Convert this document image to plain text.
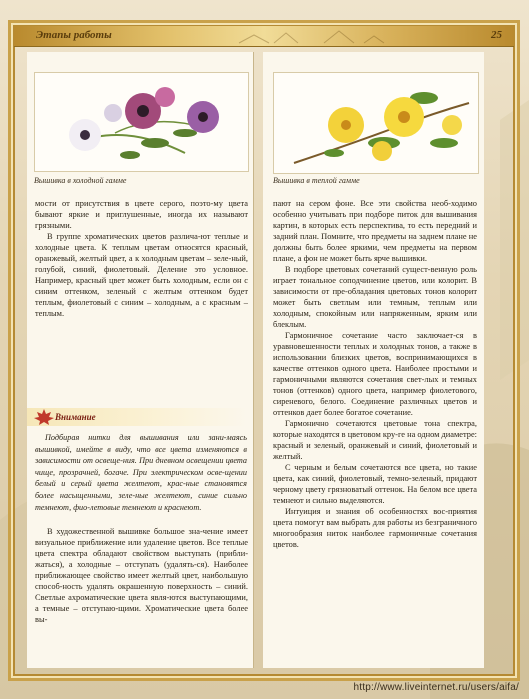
Этапы работы	25
Вышивка в холодной гамме

мости от присутствия в цвете серого, поэто-му цвета бывают яркие и приглушенные, иногда их называют грязными.

В группе хроматических цветов различа-ют теплые и холодные цвета. К теплым цветам относятся красный, оранжевый, желтый цвет, а к холодным цветам – зеле-ный, голубой, синий, фиолетовый. Деление это условное. Например, красный цвет может быть холодным, если он с синим оттенком, зеленый с желтым оттенком будет теплым, фиолетовый с синим – холодным, а с красным – теплым.

Внимание

Подбирая нитки для вышивания или зани-маясь вышивкой, имейте в виду, что все цвета изменяются в зависимости от освеще-ния. При дневном освещении цвета чище, прозрачней, богаче. При электрическом осве-щении белый и серый цвета желтеют, крас-ные становятся более насыщенными, зеле-ные желтеют, синие сильно темнеют, фио-летовые темнеют и краснеют.

В художественной вышивке большое зна-чение имеет визуальное приближение или удаление цветов. Все теплые цвета спектра обладают свойством выступать (прибли-жаться), а холодные – отступать (удалять-ся). Наиболее приближающее свойство имеет желтый цвет, наибольшую способ-ность удалять окрашенную поверхность – синий. Светлые ахроматические цвета явля-ются выступающими, а темные – отступаю-щими. Хроматические цвета более вы-

Вышивка в теплой гамме

пают на сером фоне. Все эти свойства необ-ходимо особенно учитывать при подборе питок для вышивания картин, в которых есть перспектива, то есть передний и задний план. Помните, что предметы на заднем плане не должны быть более яркими, чем предметы на первом плане, а фон не может быть ярче вышивки.

В подборе цветовых сочетаний сущест-венную роль играет тональное соподчинение цветов, или колорит. В зависимости от пре-обладания цветовых тонов колорит может быть светлым или темным, теплым или холодным, спокойным или напряженным, ярким или блеклым.

Гармоничное сочетание часто заключает-ся в уравновешенности теплых и холодных тонов, а также в использовании близких цветов, воспринимающихся в качестве оттенков одного цвета. Наиболее простыми и гармоничными являются сочетания свет-лых и темных тонов (оттенков) одного цвета, например фиолетового, сиреневого, белого. Соединение различных цветов и оттенков дает более богатое сочетание.

Гармонично сочетаются цветовые тона спектра, которые находятся в цветовом кру-ге на одном диаметре: красный и зеленый, оранжевый и синий, фиолетовый и желтый.

С черным и белым сочетаются все цвета, но такие цвета, как синий, фиолетовый, темно-зеленый, придают черному цвету грязноватый оттенок. На белом все цвета темнеют и сильно выделяются.

Интуиция и знания об особенностях вос-приятия цвета помогут вам выбрать для работы из безграничного многообразия ниток наиболее гармоничные сочетания цветов.

http://www.liveinternet.ru/users/aifa/
